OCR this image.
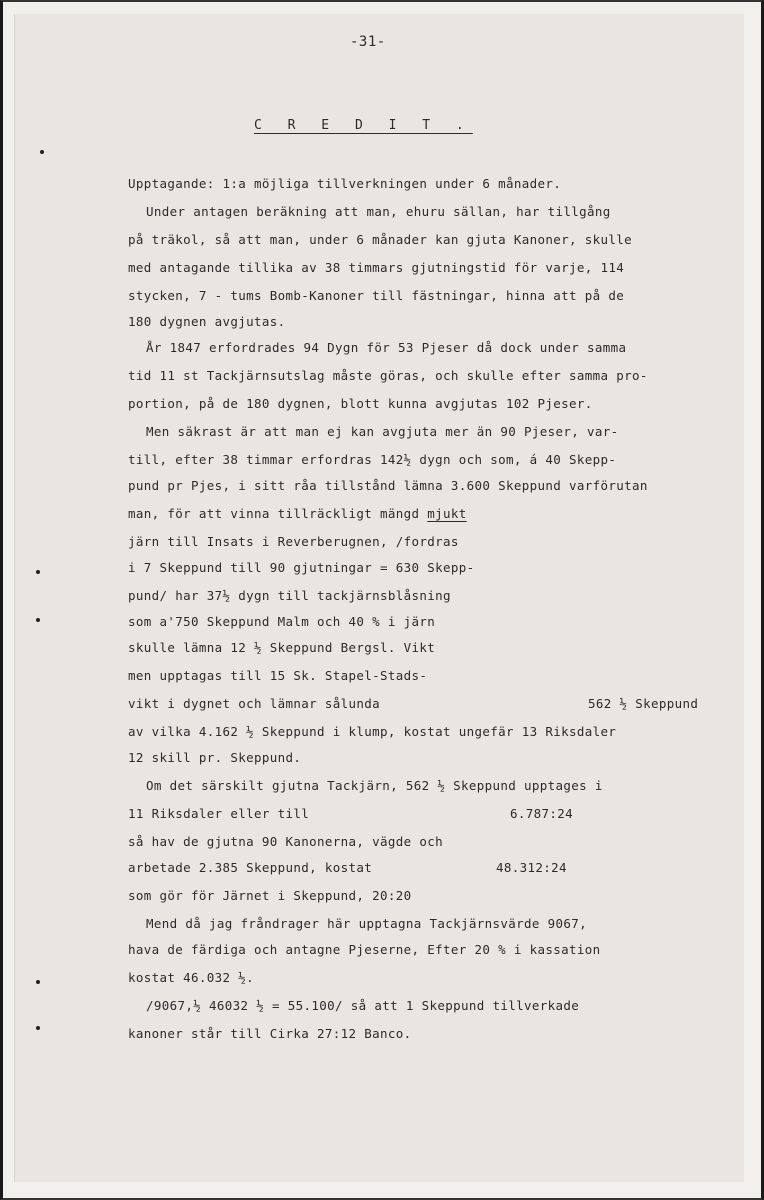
-31-
C R E D I T .
Upptagande: 1:a möjliga tillverkningen under 6 månader.
Under antagen beräkning att man, ehuru sällan, har tillgång
på träkol, så att man, under 6 månader kan gjuta Kanoner, skulle
med antagande tillika av 38 timmars gjutningstid för varje, 114
stycken, 7 - tums Bomb-Kanoner till fästningar, hinna att på de
180 dygnen avgjutas.
År 1847 erfordrades 94 Dygn för 53 Pjeser då dock under samma
tid 11 st Tackjärnsutslag måste göras, och skulle efter samma pro-
portion, på de 180 dygnen, blott kunna avgjutas 102 Pjeser.
Men säkrast är att man ej kan avgjuta mer än 90 Pjeser, var-
till, efter 38 timmar erfordras 142½ dygn och som, á 40 Skepp-
pund pr Pjes, i sitt råa tillstånd lämna 3.600 Skeppund varförutan
man, för att vinna tillräckligt mängd mjukt
järn till Insats i Reverberugnen, /fordras
i 7 Skeppund till 90 gjutningar = 630 Skepp-
pund/ har 37½ dygn till tackjärnsblåsning
som a'750 Skeppund Malm och 40 % i järn
skulle lämna 12 ½ Skeppund Bergsl. Vikt
men upptagas till 15 Sk. Stapel-Stads-
vikt i dygnet och lämnar sålunda	562 ½ Skeppund
av vilka 4.162 ½ Skeppund i klump, kostat ungefär 13 Riksdaler
12 skill pr. Skeppund.
Om det särskilt gjutna Tackjärn, 562 ½ Skeppund upptages i
11 Riksdaler eller till	6.787:24
så hav de gjutna 90 Kanonerna, vägde och
arbetade 2.385 Skeppund, kostat	48.312:24
som gör för Järnet i Skeppund, 20:20
Mend då jag fråndrager här upptagna Tackjärnsvärde 9067,
hava de färdiga och antagne Pjeserne, Efter 20 % i kassation
kostat 46.032 ½.
/9067,½ 46032 ½ = 55.100/ så att 1 Skeppund tillverkade
kanoner står till Cirka 27:12 Banco.
